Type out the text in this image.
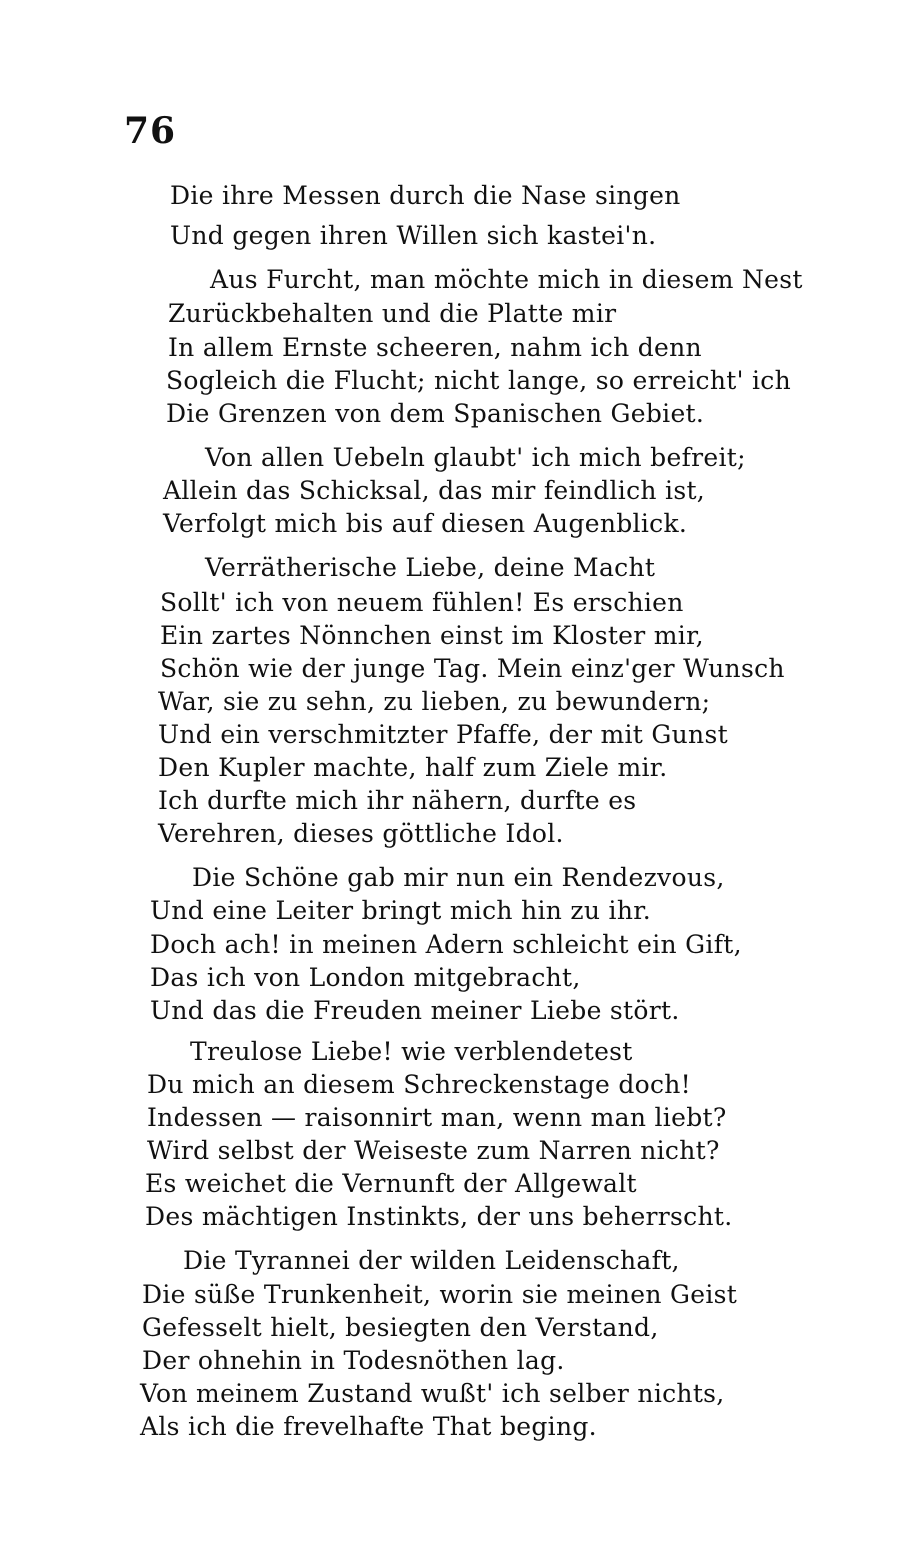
76
Die ihre Messen durch die Nase singen
Und gegen ihren Willen sich kastei'n.
Aus Furcht, man möchte mich in diesem Nest
Zurückbehalten und die Platte mir
In allem Ernste scheeren, nahm ich denn
Sogleich die Flucht; nicht lange, so erreicht' ich
Die Grenzen von dem Spanischen Gebiet.
Von allen Uebeln glaubt' ich mich befreit;
Allein das Schicksal, das mir feindlich ist,
Verfolgt mich bis auf diesen Augenblick.
Verrätherische Liebe, deine Macht
Sollt' ich von neuem fühlen! Es erschien
Ein zartes Nönnchen einst im Kloster mir,
Schön wie der junge Tag. Mein einz'ger Wunsch
War, sie zu sehn, zu lieben, zu bewundern;
Und ein verschmitzter Pfaffe, der mit Gunst
Den Kupler machte, half zum Ziele mir.
Ich durfte mich ihr nähern, durfte es
Verehren, dieses göttliche Idol.
Die Schöne gab mir nun ein Rendezvous,
Und eine Leiter bringt mich hin zu ihr.
Doch ach! in meinen Adern schleicht ein Gift,
Das ich von London mitgebracht,
Und das die Freuden meiner Liebe stört.
Treulose Liebe! wie verblendetest
Du mich an diesem Schreckenstage doch!
Indessen — raisonnirt man, wenn man liebt?
Wird selbst der Weiseste zum Narren nicht?
Es weichet die Vernunft der Allgewalt
Des mächtigen Instinkts, der uns beherrscht.
Die Tyrannei der wilden Leidenschaft,
Die süße Trunkenheit, worin sie meinen Geist
Gefesselt hielt, besiegten den Verstand,
Der ohnehin in Todesnöthen lag.
Von meinem Zustand wußt' ich selber nichts,
Als ich die frevelhafte That beging.
